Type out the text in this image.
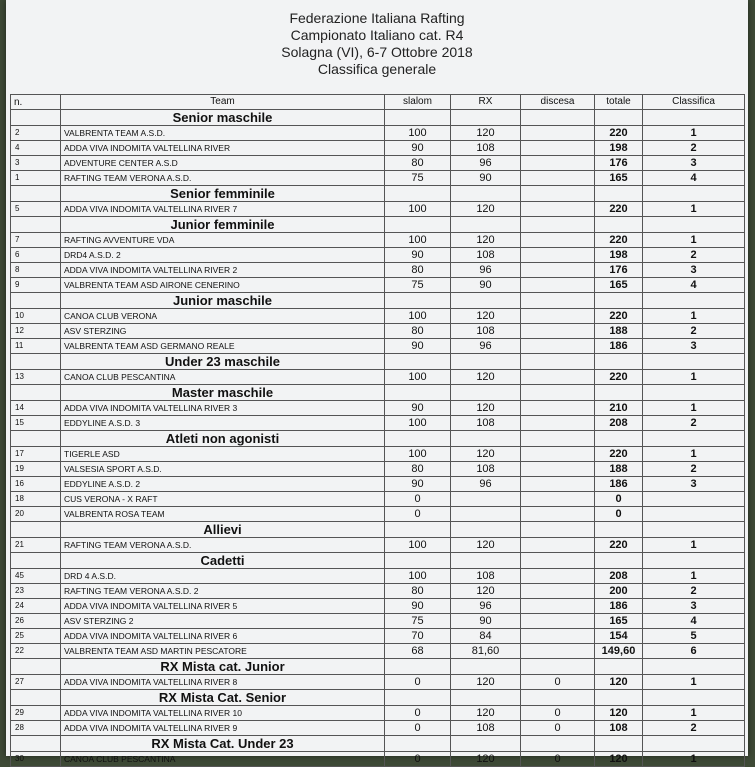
Federazione Italiana Rafting
Campionato Italiano cat. R4
Solagna (VI), 6-7 Ottobre 2018
Classifica generale
n.	Team	slalom	RX	discesa	totale	Classifica
	Senior maschile					
2	VALBRENTA TEAM A.S.D.	100	120		220	1
4	ADDA VIVA INDOMITA VALTELLINA RIVER	90	108		198	2
3	ADVENTURE CENTER A.S.D	80	96		176	3
1	RAFTING TEAM VERONA A.S.D.	75	90		165	4
	Senior femminile					
5	ADDA VIVA INDOMITA VALTELLINA RIVER 7	100	120		220	1
	Junior femminile					
7	RAFTING AVVENTURE VDA	100	120		220	1
6	DRD4 A.S.D. 2	90	108		198	2
8	ADDA VIVA INDOMITA VALTELLINA RIVER 2	80	96		176	3
9	VALBRENTA TEAM ASD AIRONE CENERINO	75	90		165	4
	Junior maschile					
10	CANOA CLUB VERONA	100	120		220	1
12	ASV STERZING	80	108		188	2
11	VALBRENTA TEAM ASD GERMANO REALE	90	96		186	3
	Under 23 maschile					
13	CANOA CLUB PESCANTINA	100	120		220	1
	Master maschile					
14	ADDA VIVA INDOMITA VALTELLINA RIVER 3	90	120		210	1
15	EDDYLINE A.S.D. 3	100	108		208	2
	Atleti non agonisti					
17	TIGERLE ASD	100	120		220	1
19	VALSESIA SPORT A.S.D.	80	108		188	2
16	EDDYLINE A.S.D. 2	90	96		186	3
18	CUS VERONA - X RAFT	0			0	
20	VALBRENTA ROSA TEAM	0			0	
	Allievi					
21	RAFTING TEAM VERONA A.S.D.	100	120		220	1
	Cadetti					
45	DRD 4 A.S.D.	100	108		208	1
23	RAFTING TEAM VERONA A.S.D. 2	80	120		200	2
24	ADDA VIVA INDOMITA VALTELLINA RIVER 5	90	96		186	3
26	ASV STERZING 2	75	90		165	4
25	ADDA VIVA INDOMITA VALTELLINA RIVER 6	70	84		154	5
22	VALBRENTA TEAM ASD MARTIN PESCATORE	68	81,60		149,60	6
	RX Mista cat. Junior					
27	ADDA VIVA INDOMITA VALTELLINA RIVER 8	0	120	0	120	1
	RX Mista Cat. Senior					
29	ADDA VIVA INDOMITA VALTELLINA RIVER 10	0	120	0	120	1
28	ADDA VIVA INDOMITA VALTELLINA RIVER 9	0	108	0	108	2
	RX Mista Cat. Under 23					
30	CANOA CLUB PESCANTINA	0	120	0	120	1
